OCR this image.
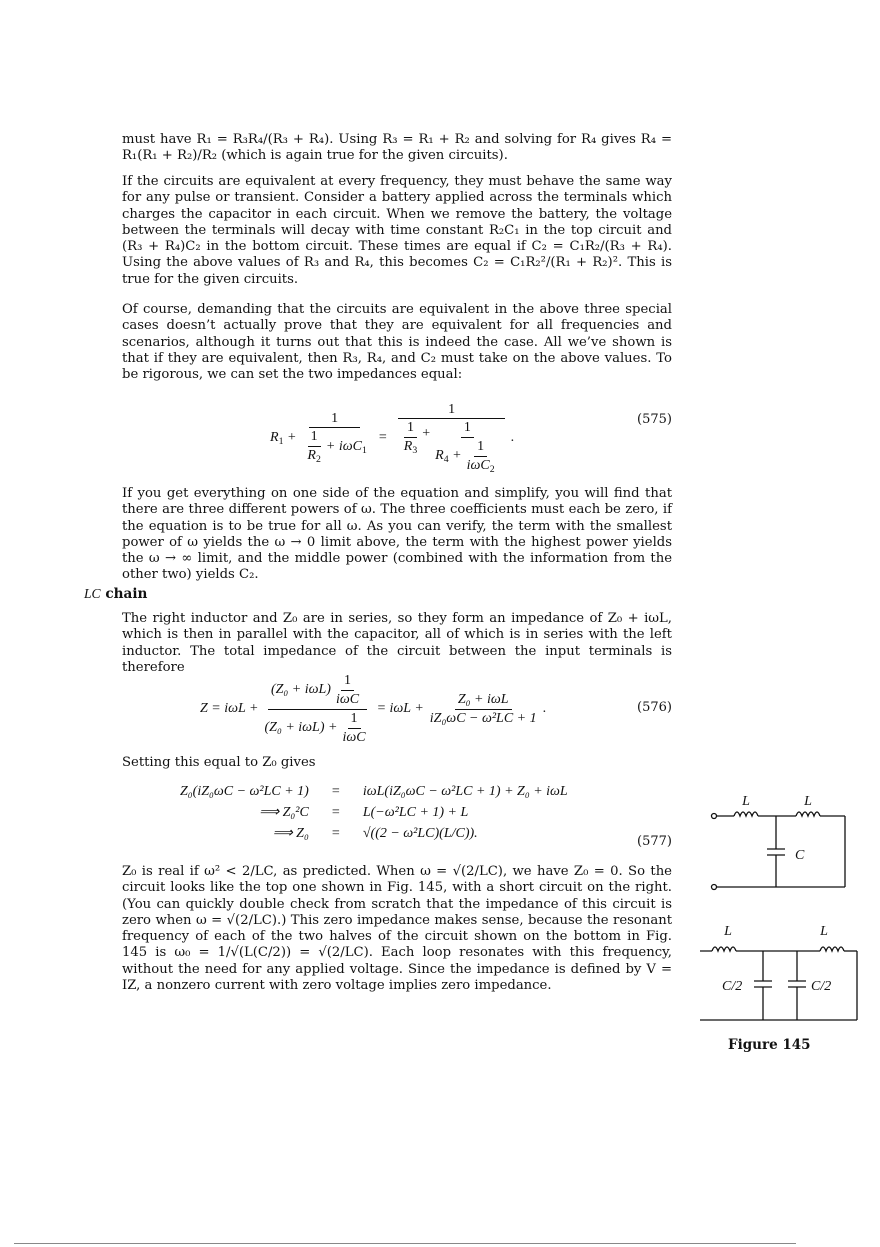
must have R₁ = R₃R₄/(R₃ + R₄). Using R₃ = R₁ + R₂ and solving for R₄ gives R₄ = R₁(R₁ + R₂)/R₂ (which is again true for the given circuits).

If the circuits are equivalent at every frequency, they must behave the same way for any pulse or transient. Consider a battery applied across the terminals which charges the capacitor in each circuit. When we remove the battery, the voltage between the terminals will decay with time constant R₂C₁ in the top circuit and (R₃ + R₄)C₂ in the bottom circuit. These times are equal if C₂ = C₁R₂/(R₃ + R₄). Using the above values of R₃ and R₄, this becomes C₂ = C₁R₂²/(R₁ + R₂)². This is true for the given circuits.

Of course, demanding that the circuits are equivalent in the above three special cases doesn’t actually prove that they are equivalent for all frequencies and scenarios, although it turns out that this is indeed the case. All we’ve shown is that if they are equivalent, then R₃, R₄, and C₂ must take on the above values. To be rigorous, we can set the two impedances equal:

$R_1 + \frac{1}{\frac{1}{R_2} + i\omega C_1}$ =
1
$\frac{1}{R_3} + \frac{1}{R_4 + \frac{1}{i\omega C_2}}$ .
(575)

If you get everything on one side of the equation and simplify, you will find that there are three different powers of ω. The three coefficients must each be zero, if the equation is to be true for all ω. As you can verify, the term with the smallest power of ω yields the ω → 0 limit above, the term with the highest power yields the ω → ∞ limit, and the middle power (combined with the information from the other two) yields C₂.

LC chain

The right inductor and Z₀ are in series, so they form an impedance of Z₀ + iωL, which is then in parallel with the capacitor, all of which is in series with the left inductor. The total impedance of the circuit between the input terminals is therefore

$Z = i\omega L + \frac{(Z_0 + i\omega L) \frac{1}{\text{iωC}}}{(Z_0 + i\omega L) + \frac{1}{\text{iωC}}} = i\omega L + \frac{\text{Z₀ + iωL}}{\text{iZ₀ωC − ω²LC + 1}}$ .	(576)

Setting this equal to Z₀ gives

Z₀(iZ₀ωC − ω²LC + 1)	=	iωL(iZ₀ωC − ω²LC + 1) + Z₀ + iωL
⟹ Z₀²C	=	L(−ω²LC + 1) + L
⟹ Z₀	=	√((2 − ω²LC)(L/C)).
(577)

Z₀ is real if ω² < 2/LC, as predicted. When ω = √(2/LC), we have Z₀ = 0. So the circuit looks like the top one shown in Fig. 145, with a short circuit on the right. (You can quickly double check from scratch that the impedance of this circuit is zero when ω = √(2/LC).) This zero impedance makes sense, because the resonant frequency of each of the two halves of the circuit shown on the bottom in Fig. 145 is ω₀ = 1/√(L(C/2)) = √(2/LC). Each loop resonates with this frequency, without the need for any applied voltage. Since the impedance is defined by V = IZ, a nonzero current with zero voltage implies zero impedance.

L	L
C
L	L
C/2	C/2
Figure 145
